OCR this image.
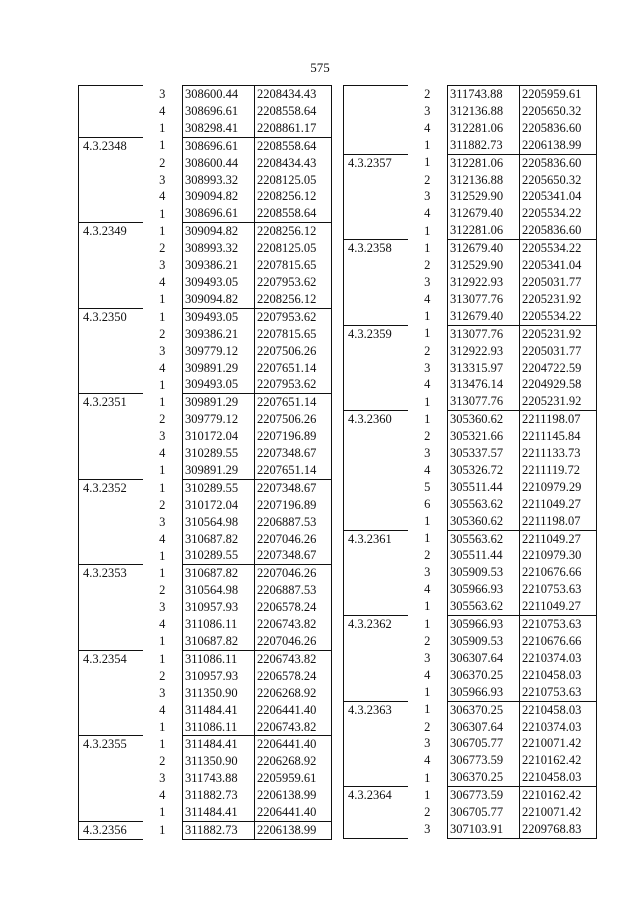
575
	3	308600.44	2208434.43
	4	308696.61	2208558.64
	1	308298.41	2208861.17
4.3.2348	1	308696.61	2208558.64
	2	308600.44	2208434.43
	3	308993.32	2208125.05
	4	309094.82	2208256.12
	1	308696.61	2208558.64
4.3.2349	1	309094.82	2208256.12
	2	308993.32	2208125.05
	3	309386.21	2207815.65
	4	309493.05	2207953.62
	1	309094.82	2208256.12
4.3.2350	1	309493.05	2207953.62
	2	309386.21	2207815.65
	3	309779.12	2207506.26
	4	309891.29	2207651.14
	1	309493.05	2207953.62
4.3.2351	1	309891.29	2207651.14
	2	309779.12	2207506.26
	3	310172.04	2207196.89
	4	310289.55	2207348.67
	1	309891.29	2207651.14
4.3.2352	1	310289.55	2207348.67
	2	310172.04	2207196.89
	3	310564.98	2206887.53
	4	310687.82	2207046.26
	1	310289.55	2207348.67
4.3.2353	1	310687.82	2207046.26
	2	310564.98	2206887.53
	3	310957.93	2206578.24
	4	311086.11	2206743.82
	1	310687.82	2207046.26
4.3.2354	1	311086.11	2206743.82
	2	310957.93	2206578.24
	3	311350.90	2206268.92
	4	311484.41	2206441.40
	1	311086.11	2206743.82
4.3.2355	1	311484.41	2206441.40
	2	311350.90	2206268.92
	3	311743.88	2205959.61
	4	311882.73	2206138.99
	1	311484.41	2206441.40
4.3.2356	1	311882.73	2206138.99
	2	311743.88	2205959.61
	3	312136.88	2205650.32
	4	312281.06	2205836.60
	1	311882.73	2206138.99
4.3.2357	1	312281.06	2205836.60
	2	312136.88	2205650.32
	3	312529.90	2205341.04
	4	312679.40	2205534.22
	1	312281.06	2205836.60
4.3.2358	1	312679.40	2205534.22
	2	312529.90	2205341.04
	3	312922.93	2205031.77
	4	313077.76	2205231.92
	1	312679.40	2205534.22
4.3.2359	1	313077.76	2205231.92
	2	312922.93	2205031.77
	3	313315.97	2204722.59
	4	313476.14	2204929.58
	1	313077.76	2205231.92
4.3.2360	1	305360.62	2211198.07
	2	305321.66	2211145.84
	3	305337.57	2211133.73
	4	305326.72	2211119.72
	5	305511.44	2210979.29
	6	305563.62	2211049.27
	1	305360.62	2211198.07
4.3.2361	1	305563.62	2211049.27
	2	305511.44	2210979.30
	3	305909.53	2210676.66
	4	305966.93	2210753.63
	1	305563.62	2211049.27
4.3.2362	1	305966.93	2210753.63
	2	305909.53	2210676.66
	3	306307.64	2210374.03
	4	306370.25	2210458.03
	1	305966.93	2210753.63
4.3.2363	1	306370.25	2210458.03
	2	306307.64	2210374.03
	3	306705.77	2210071.42
	4	306773.59	2210162.42
	1	306370.25	2210458.03
4.3.2364	1	306773.59	2210162.42
	2	306705.77	2210071.42
	3	307103.91	2209768.83
